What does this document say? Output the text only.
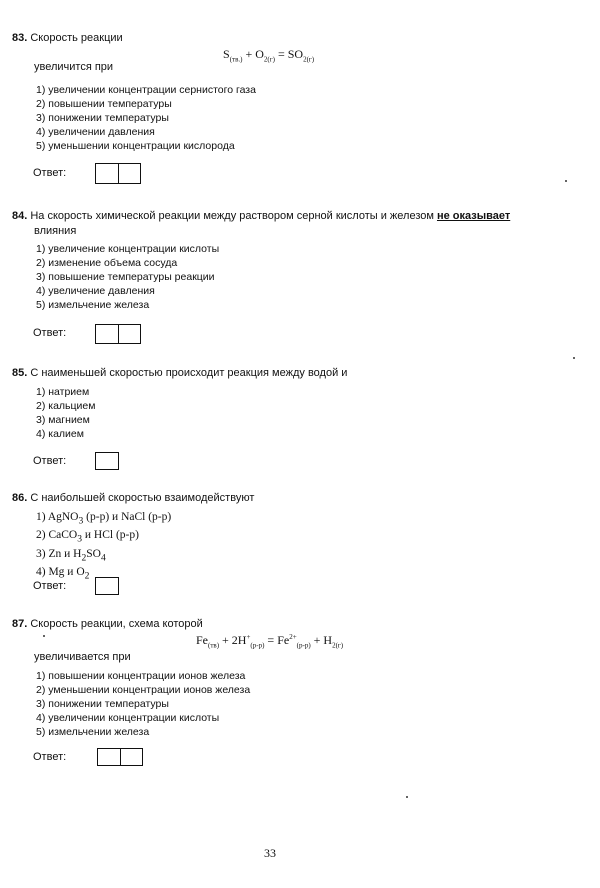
83. Скорость реакции
$S_{(тв.)} + O_{2(г)} = SO_{2(г)}$
увеличится при
1) увеличении концентрации сернистого газа
2) повышении температуры
3) понижении температуры
4) увеличении давления
5) уменьшении концентрации кислорода
Ответ:
84. На скорость химической реакции между раствором серной кислоты и железом не оказывает
влияния
1) увеличение концентрации кислоты
2) изменение объема сосуда
3) повышение температуры реакции
4) увеличение давления
5) измельчение железа
Ответ:
85. С наименьшей скоростью происходит реакция между водой и
1) натрием
2) кальцием
3) магнием
4) калием
Ответ:
86. С наибольшей скоростью взаимодействуют
1) AgNO$_3$ (р-р) и NaCl (р-р)
2) CaCO$_3$ и HCl (р-р)
3) Zn и $H_2SO_4$
4) Mg и $O_2$
Ответ:
87. Скорость реакции, схема которой
$Fe_{(тв)} + 2H^+_{(р-р)} = Fe^{2+}_{(р-р)} + H_{2(г)}$
увеличивается при
1) повышении концентрации ионов железа
2) уменьшении концентрации ионов железа
3) понижении температуры
4) увеличении концентрации кислоты
5) измельчении железа
Ответ:
33
